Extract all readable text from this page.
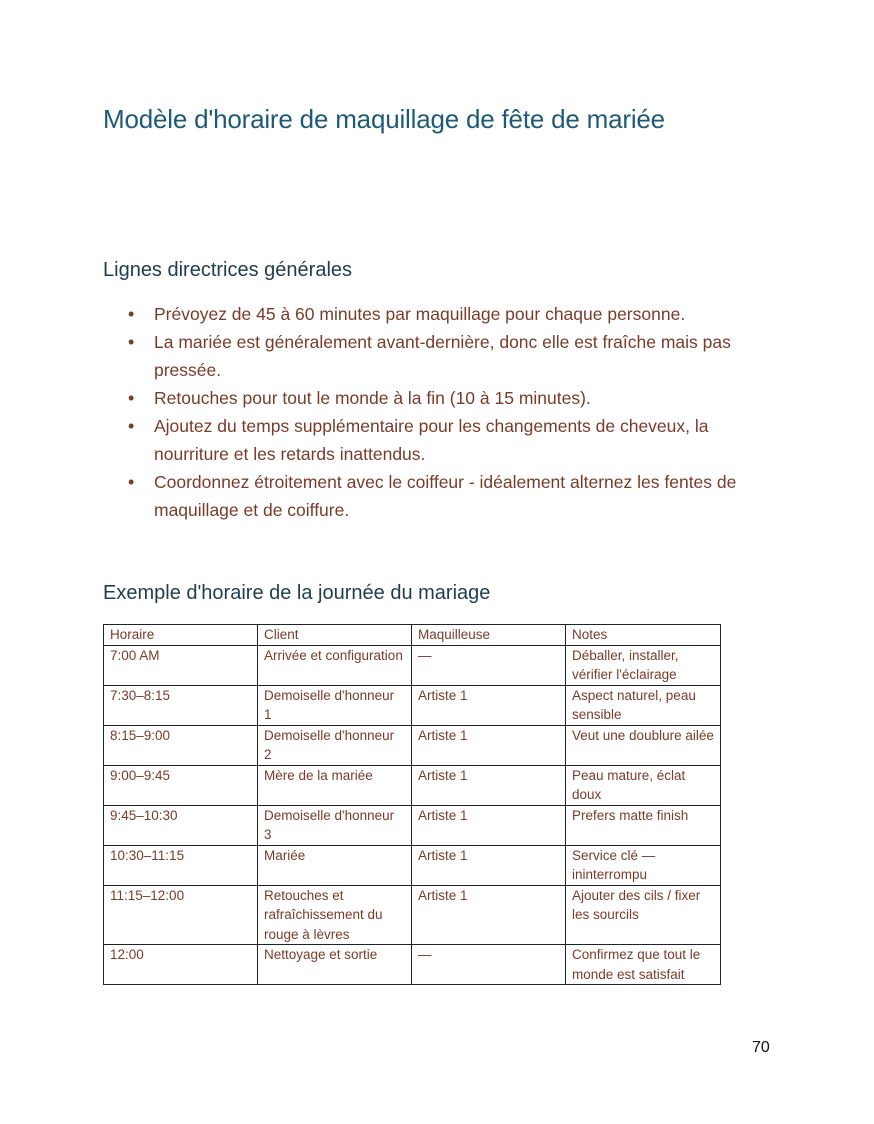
Modèle d'horaire de maquillage de fête de mariée
Lignes directrices générales
• Prévoyez de 45 à 60 minutes par maquillage pour chaque personne.
• La mariée est généralement avant-dernière, donc elle est fraîche mais pas pressée.
• Retouches pour tout le monde à la fin (10 à 15 minutes).
• Ajoutez du temps supplémentaire pour les changements de cheveux, la nourriture et les retards inattendus.
• Coordonnez étroitement avec le coiffeur - idéalement alternez les fentes de maquillage et de coiffure.
Exemple d'horaire de la journée du mariage
Horaire	Client	Maquilleuse	Notes
7:00 AM	Arrivée et configuration	—	Déballer, installer, vérifier l'éclairage
7:30–8:15	Demoiselle d'honneur 1	Artiste 1	Aspect naturel, peau sensible
8:15–9:00	Demoiselle d'honneur 2	Artiste 1	Veut une doublure ailée
9:00–9:45	Mère de la mariée	Artiste 1	Peau mature, éclat doux
9:45–10:30	Demoiselle d'honneur 3	Artiste 1	Prefers matte finish
10:30–11:15	Mariée	Artiste 1	Service clé — ininterrompu
11:15–12:00	Retouches et rafraîchissement du rouge à lèvres	Artiste 1	Ajouter des cils / fixer les sourcils
12:00	Nettoyage et sortie	—	Confirmez que tout le monde est satisfait
70
